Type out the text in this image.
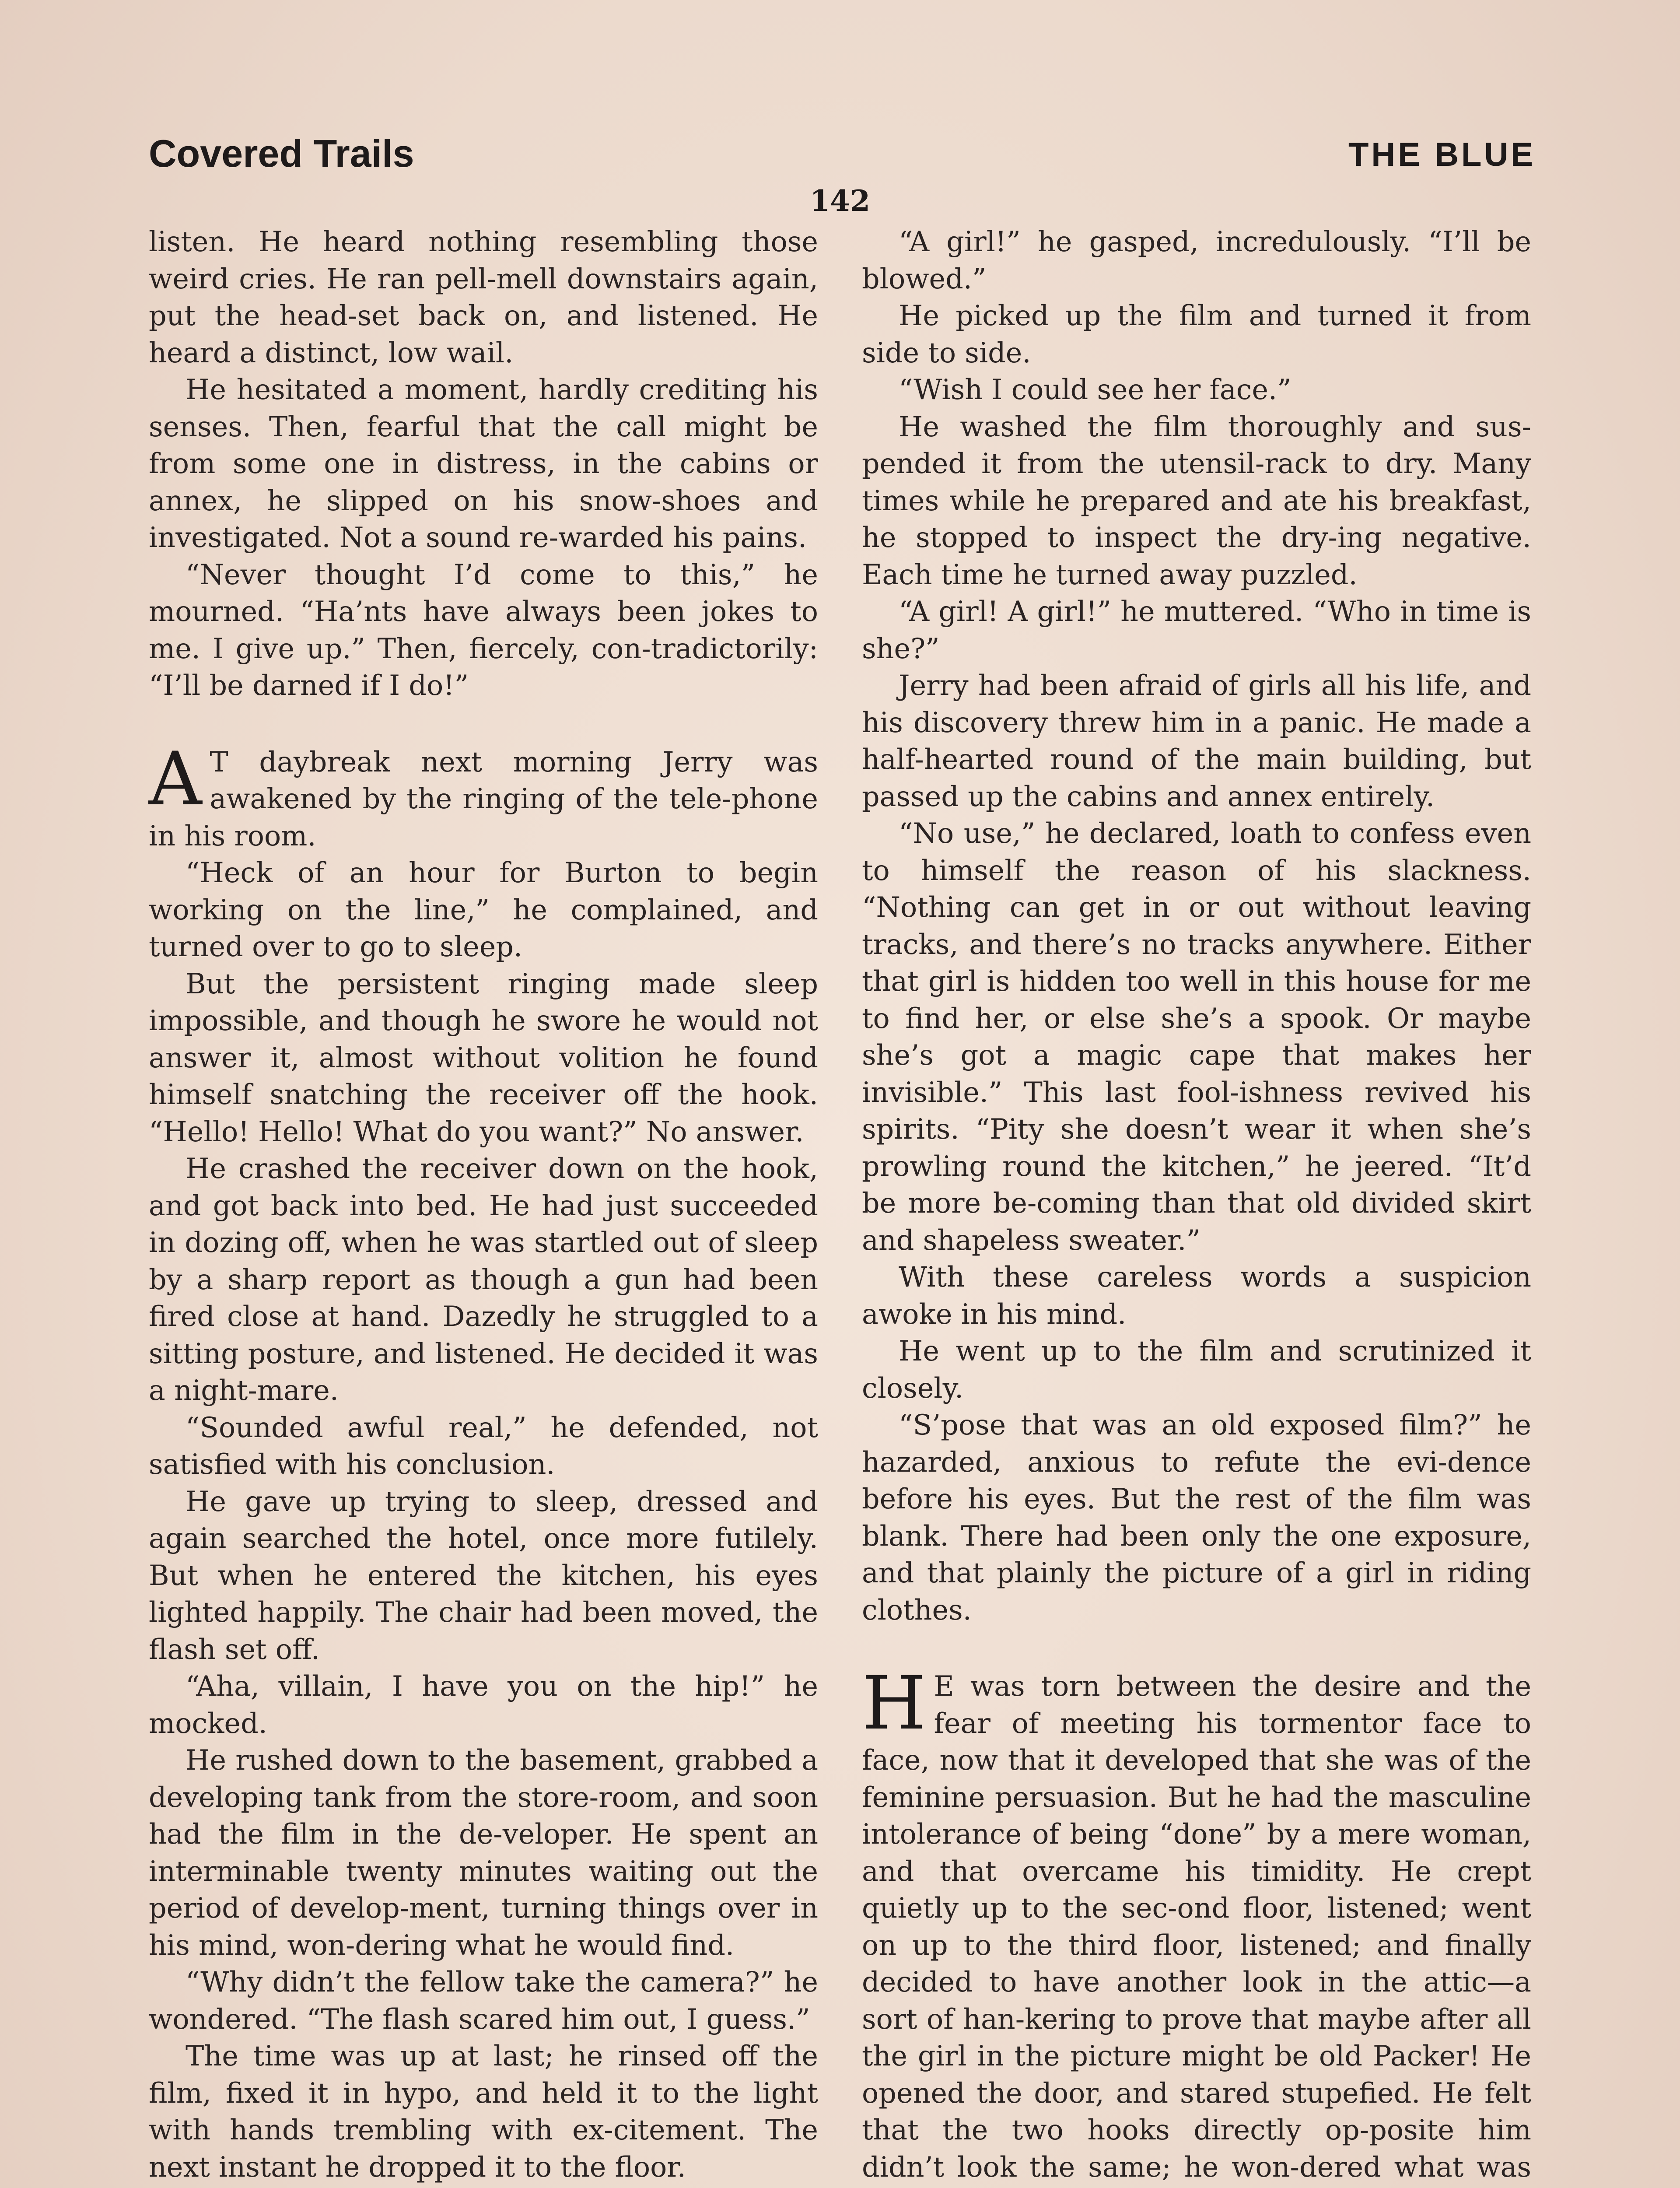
Covered Trails	THE BLUE
142

listen. He heard nothing resembling those weird cries. He ran pell-mell downstairs again, put the head-set back on, and listened. He heard a distinct, low wail.

He hesitated a moment, hardly crediting his senses. Then, fearful that the call might be from some one in distress, in the cabins or annex, he slipped on his snow-shoes and investigated. Not a sound re-warded his pains.

“Never thought I’d come to this,” he mourned. “Ha’nts have always been jokes to me. I give up.” Then, fiercely, con-tradictorily: “I’ll be darned if I do!”

A T daybreak next morning Jerry was awakened by the ringing of the tele-phone in his room.

“Heck of an hour for Burton to begin working on the line,” he complained, and turned over to go to sleep.

But the persistent ringing made sleep impossible, and though he swore he would not answer it, almost without volition he found himself snatching the receiver off the hook. “Hello! Hello! What do you want?” No answer.

He crashed the receiver down on the hook, and got back into bed. He had just succeeded in dozing off, when he was startled out of sleep by a sharp report as though a gun had been fired close at hand. Dazedly he struggled to a sitting posture, and listened. He decided it was a night-mare.

“Sounded awful real,” he defended, not satisfied with his conclusion.

He gave up trying to sleep, dressed and again searched the hotel, once more futilely. But when he entered the kitchen, his eyes lighted happily. The chair had been moved, the flash set off.

“Aha, villain, I have you on the hip!” he mocked.

He rushed down to the basement, grabbed a developing tank from the store-room, and soon had the film in the de-veloper. He spent an interminable twenty minutes waiting out the period of develop-ment, turning things over in his mind, won-dering what he would find.

“Why didn’t the fellow take the camera?” he wondered. “The flash scared him out, I guess.”

The time was up at last; he rinsed off the film, fixed it in hypo, and held it to the light with hands trembling with ex-citement. The next instant he dropped it to the floor.

“A girl!” he gasped, incredulously. “I’ll be blowed.”

He picked up the film and turned it from side to side.

“Wish I could see her face.”

He washed the film thoroughly and sus-pended it from the utensil-rack to dry. Many times while he prepared and ate his breakfast, he stopped to inspect the dry-ing negative. Each time he turned away puzzled.

“A girl! A girl!” he muttered. “Who in time is she?”

Jerry had been afraid of girls all his life, and his discovery threw him in a panic. He made a half-hearted round of the main building, but passed up the cabins and annex entirely.

“No use,” he declared, loath to confess even to himself the reason of his slackness. “Nothing can get in or out without leaving tracks, and there’s no tracks anywhere. Either that girl is hidden too well in this house for me to find her, or else she’s a spook. Or maybe she’s got a magic cape that makes her invisible.” This last fool-ishness revived his spirits. “Pity she doesn’t wear it when she’s prowling round the kitchen,” he jeered. “It’d be more be-coming than that old divided skirt and shapeless sweater.”

With these careless words a suspicion awoke in his mind.

He went up to the film and scrutinized it closely.

“S’pose that was an old exposed film?” he hazarded, anxious to refute the evi-dence before his eyes. But the rest of the film was blank. There had been only the one exposure, and that plainly the picture of a girl in riding clothes.

H E was torn between the desire and the fear of meeting his tormentor face to face, now that it developed that she was of the feminine persuasion. But he had the masculine intolerance of being “done” by a mere woman, and that overcame his timidity. He crept quietly up to the sec-ond floor, listened; went on up to the third floor, listened; and finally decided to have another look in the attic—a sort of han-kering to prove that maybe after all the girl in the picture might be old Packer! He opened the door, and stared stupefied. He felt that the two hooks directly op-posite him didn’t look the same; he won-dered what was
